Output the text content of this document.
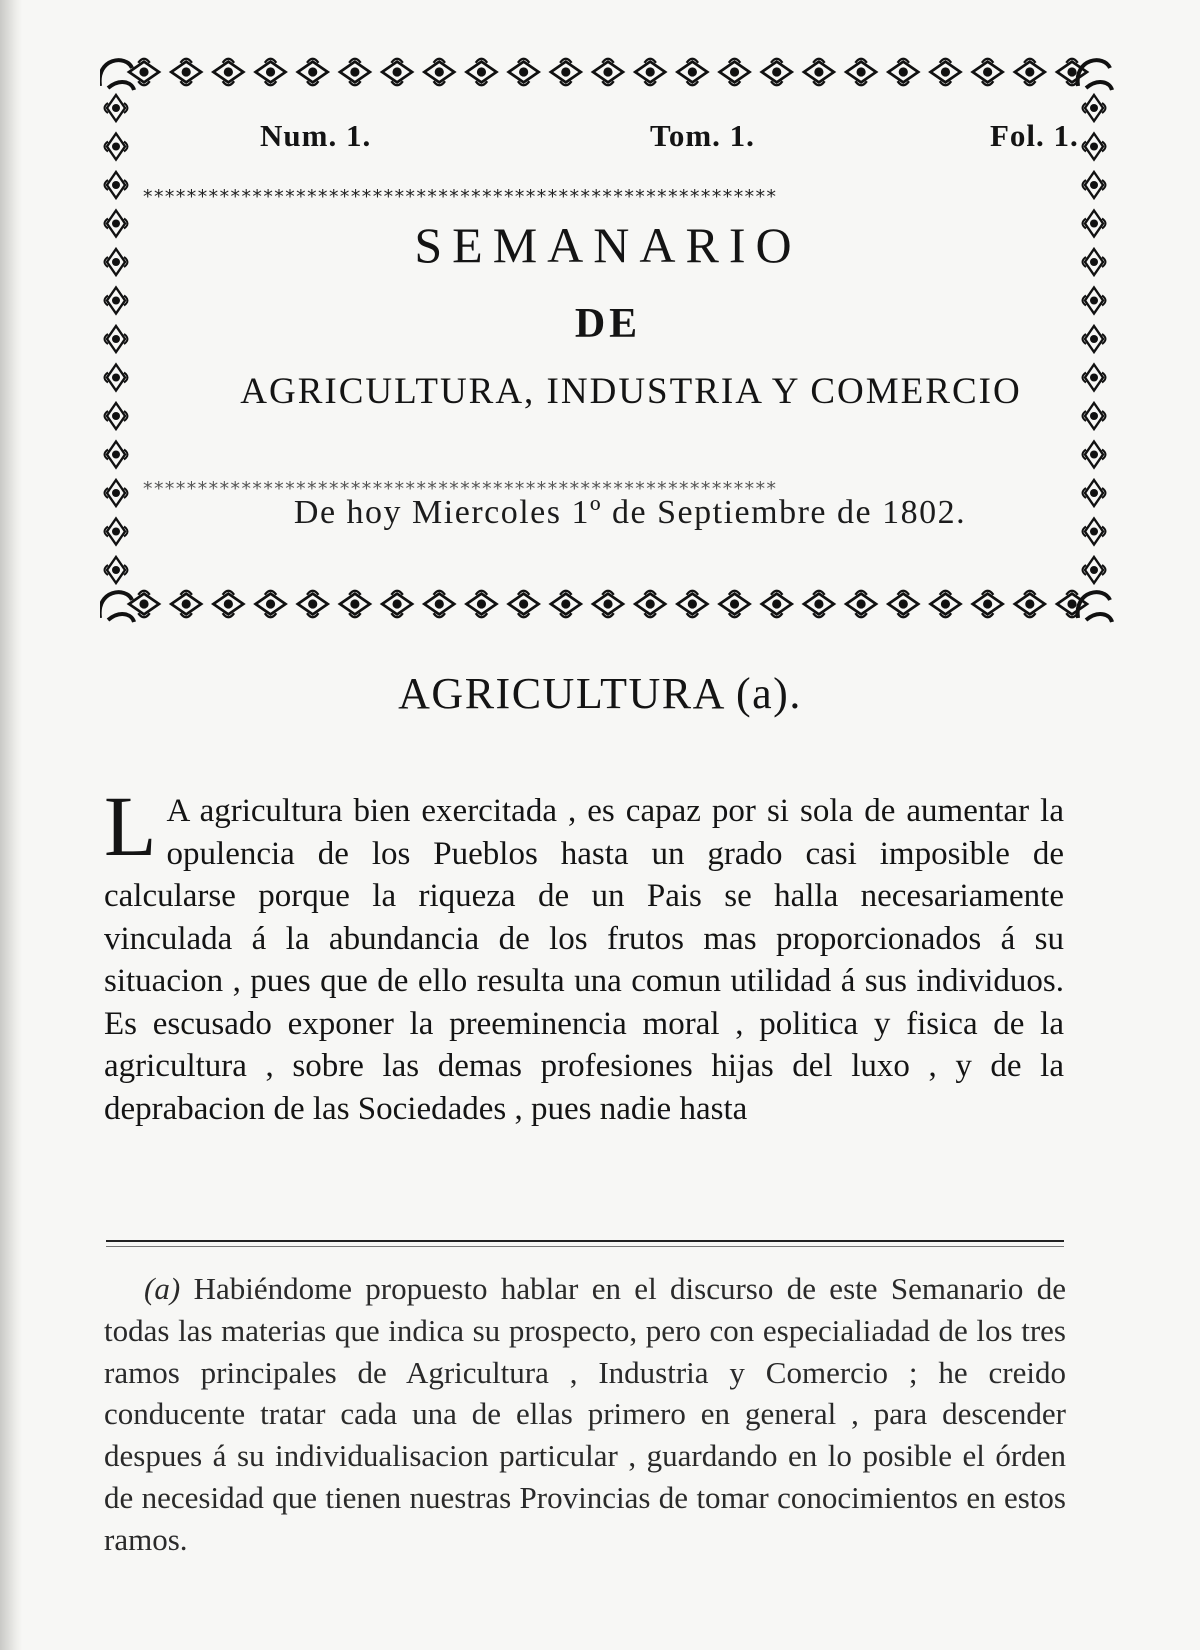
Num. 1.	Tom. 1.	Fol. 1.
**********************************************************
SEMANARIO
DE
AGRICULTURA, INDUSTRIA Y COMERCIO
**********************************************************
De hoy Miercoles 1º de Septiembre de 1802.
AGRICULTURA (a).
L A agricultura bien exercitada , es capaz por si sola de aumentar la opulencia de los Pueblos hasta un grado casi imposible de calcularse porque la riqueza de un Pais se halla necesariamente vinculada á la abundancia de los frutos mas proporcionados á su situacion , pues que de ello resulta una comun utilidad á sus individuos. Es escusado exponer la preeminencia moral , politica y fisica de la agricultura , sobre las demas profesiones hijas del luxo , y de la deprabacion de las Sociedades , pues nadie hasta
(a) Habiéndome propuesto hablar en el discurso de este Semanario de todas las materias que indica su prospecto, pero con especialiadad de los tres ramos principales de Agricultura , Industria y Comercio ; he creido conducente tratar cada una de ellas primero en general , para descender despues á su individualisacion particular , guardando en lo posible el órden de necesidad que tienen nuestras Provincias de tomar conocimientos en estos ramos.
